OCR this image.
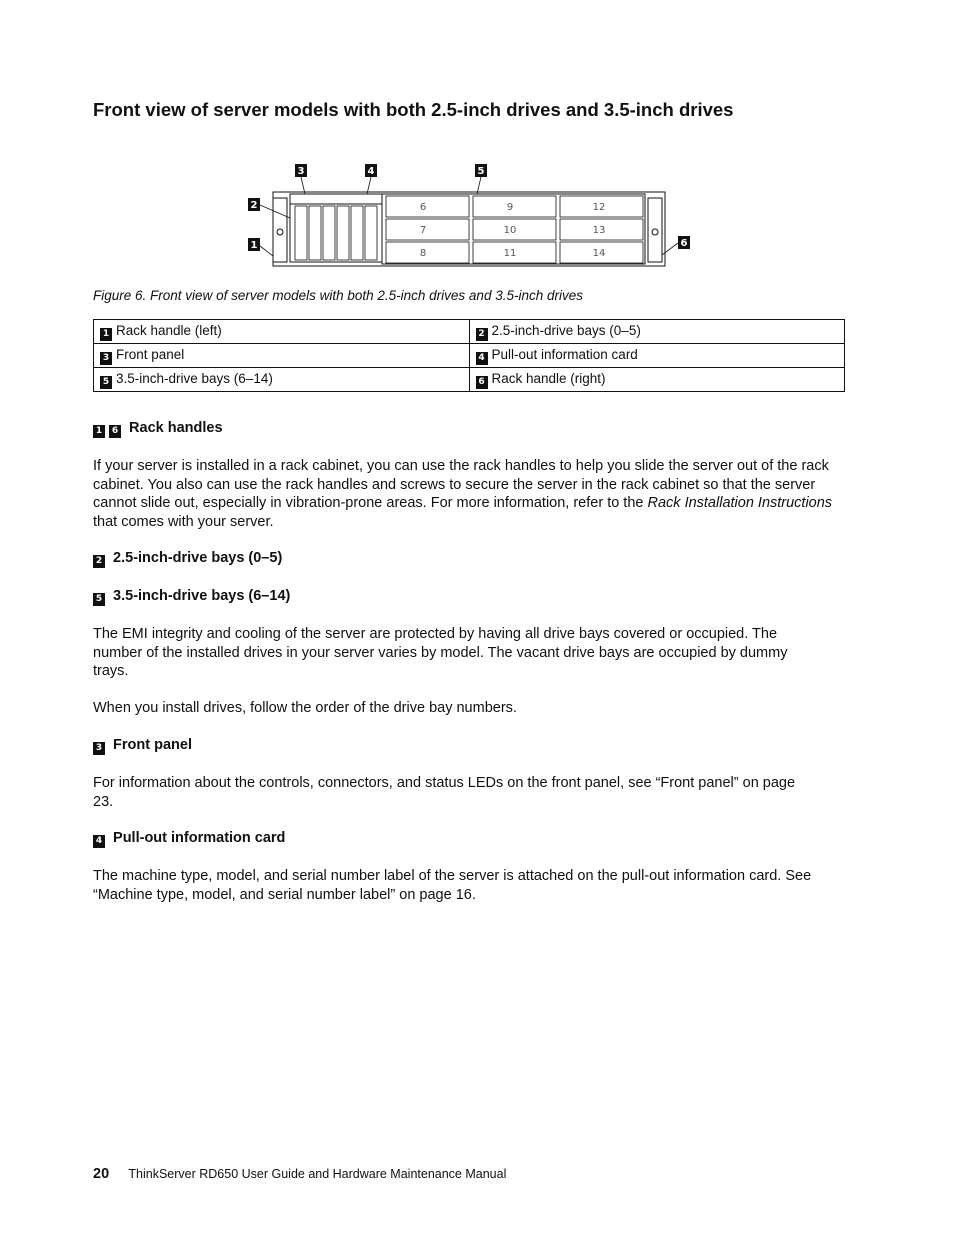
Front view of server models with both 2.5-inch drives and 3.5-inch drives
6
7
8
9
10
11
12
13
14
1
2
3	4	5
6
Figure 6. Front view of server models with both 2.5-inch drives and 3.5-inch drives
1 Rack handle (left)	2 2.5-inch-drive bays (0–5)
3 Front panel	4 Pull-out information card
5 3.5-inch-drive bays (6–14)	6 Rack handle (right)
1 6 Rack handles

If your server is installed in a rack cabinet, you can use the rack handles to help you slide the server out of the rack cabinet. You also can use the rack handles and screws to secure the server in the rack cabinet so that the server cannot slide out, especially in vibration-prone areas. For more information, refer to the Rack Installation Instructions that comes with your server.

2 2.5-inch-drive bays (0–5)
5 3.5-inch-drive bays (6–14)

The EMI integrity and cooling of the server are protected by having all drive bays covered or occupied. The number of the installed drives in your server varies by model. The vacant drive bays are occupied by dummy trays.

When you install drives, follow the order of the drive bay numbers.

3 Front panel

For information about the controls, connectors, and status LEDs on the front panel, see “Front panel” on page 23.

4 Pull-out information card

The machine type, model, and serial number label of the server is attached on the pull-out information card. See “Machine type, model, and serial number label” on page 16.

20 ThinkServer RD650 User Guide and Hardware Maintenance Manual
